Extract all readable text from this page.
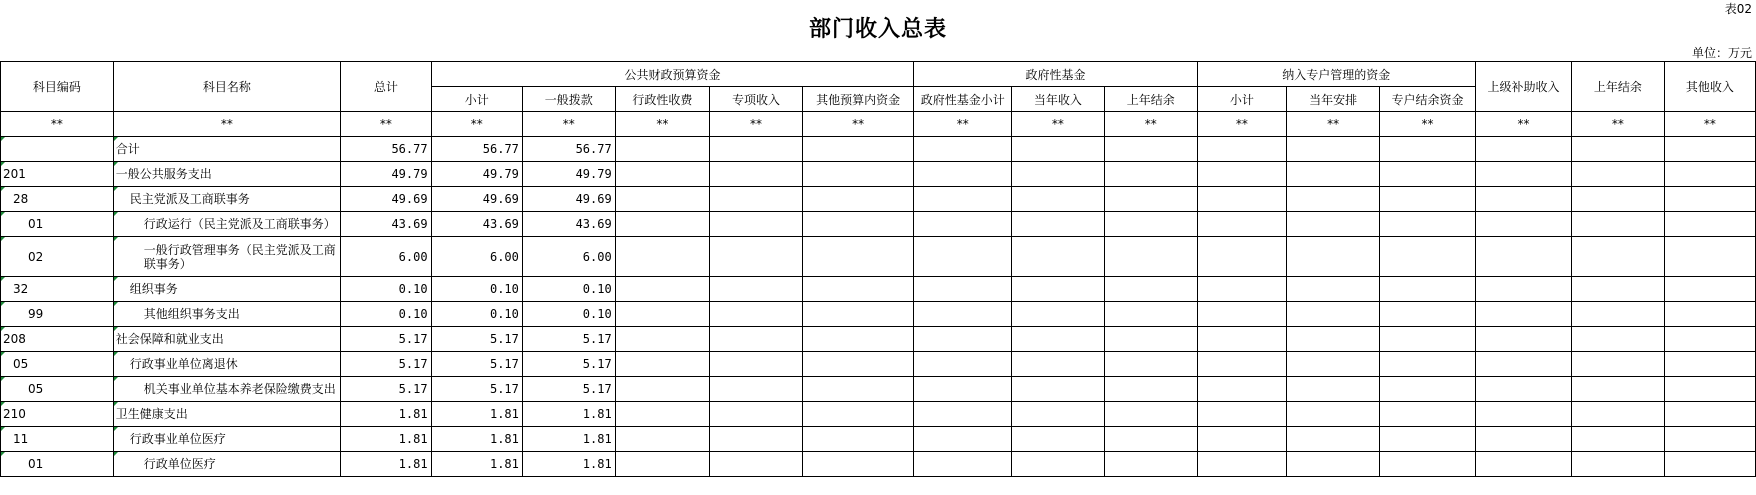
表02
部门收入总表
单位：万元
科目编码	科目名称	总计	公共财政预算资金					政府性基金			纳入专户管理的资金			上级补助收入	上年结余	其他收入
			小计	一般拨款	行政性收费	专项收入	其他预算内资金	政府性基金小计	当年收入	上年结余	小计	当年安排	专户结余资金			
**	**	**	**	**	**	**	**	**	**	**	**	**	**	**	**	**

	合计	56.77	56.77	56.77												
201	一般公共服务支出	49.79	49.79	49.79												
28	民主党派及工商联事务	49.69	49.69	49.69												
01	行政运行（民主党派及工商联事务）	43.69	43.69	43.69												
02	一般行政管理事务（民主党派及工商联事务）	6.00	6.00	6.00												
32	组织事务	0.10	0.10	0.10												
99	其他组织事务支出	0.10	0.10	0.10												
208	社会保障和就业支出	5.17	5.17	5.17												
05	行政事业单位离退休	5.17	5.17	5.17												
05	机关事业单位基本养老保险缴费支出	5.17	5.17	5.17												
210	卫生健康支出	1.81	1.81	1.81												
11	行政事业单位医疗	1.81	1.81	1.81												
01	行政单位医疗	1.81	1.81	1.81												
